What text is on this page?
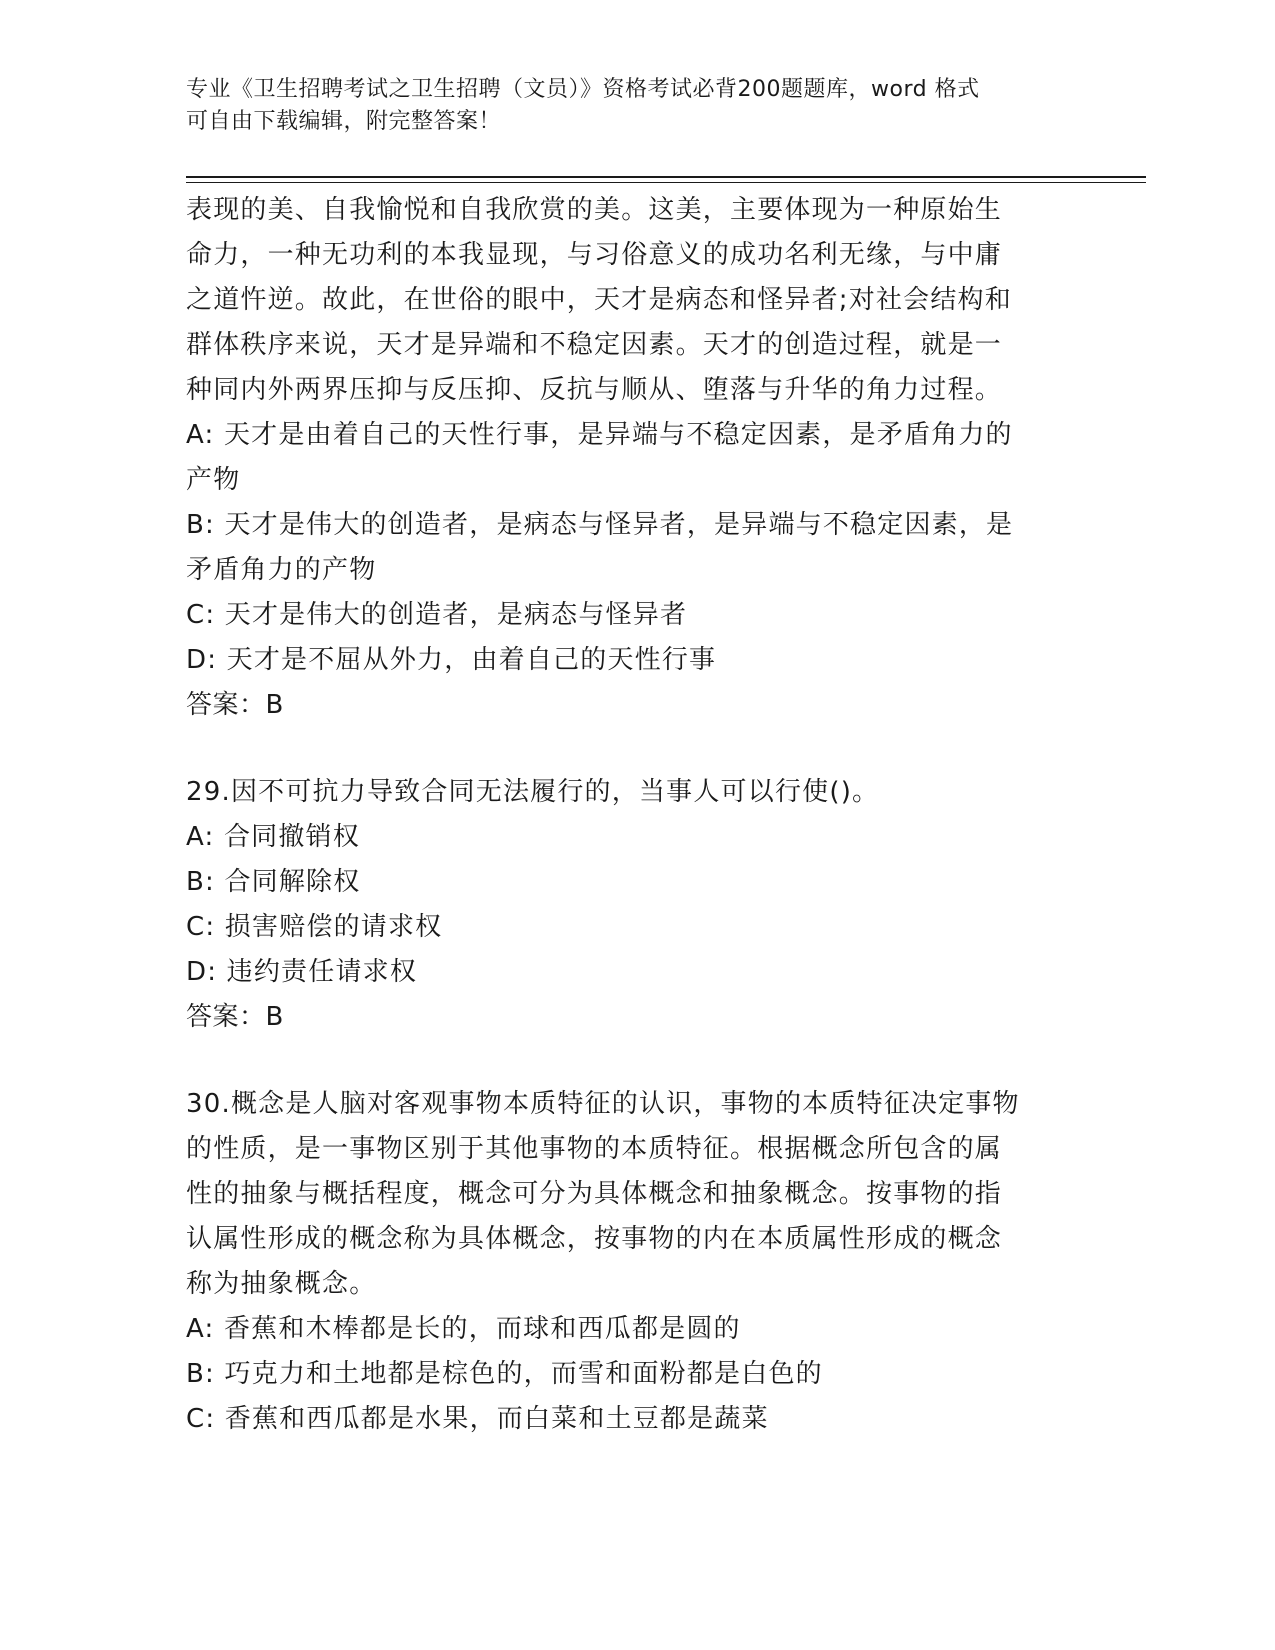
专业《卫生招聘考试之卫生招聘（文员）》资格考试必背200题题库，word 格式
可自由下载编辑，附完整答案！
表现的美、自我愉悦和自我欣赏的美。这美，主要体现为一种原始生
命力，一种无功利的本我显现，与习俗意义的成功名利无缘，与中庸
之道忤逆。故此，在世俗的眼中，天才是病态和怪异者;对社会结构和
群体秩序来说，天才是异端和不稳定因素。天才的创造过程，就是一
种同内外两界压抑与反压抑、反抗与顺从、堕落与升华的角力过程。
A: 天才是由着自己的天性行事，是异端与不稳定因素，是矛盾角力的
产物
B: 天才是伟大的创造者，是病态与怪异者，是异端与不稳定因素，是
矛盾角力的产物
C: 天才是伟大的创造者，是病态与怪异者
D: 天才是不屈从外力，由着自己的天性行事
答案：B
29.因不可抗力导致合同无法履行的，当事人可以行使()。
A: 合同撤销权
B: 合同解除权
C: 损害赔偿的请求权
D: 违约责任请求权
答案：B
30.概念是人脑对客观事物本质特征的认识，事物的本质特征决定事物
的性质，是一事物区别于其他事物的本质特征。根据概念所包含的属
性的抽象与概括程度，概念可分为具体概念和抽象概念。按事物的指
认属性形成的概念称为具体概念，按事物的内在本质属性形成的概念
称为抽象概念。
A: 香蕉和木棒都是长的，而球和西瓜都是圆的
B: 巧克力和土地都是棕色的，而雪和面粉都是白色的
C: 香蕉和西瓜都是水果，而白菜和土豆都是蔬菜
